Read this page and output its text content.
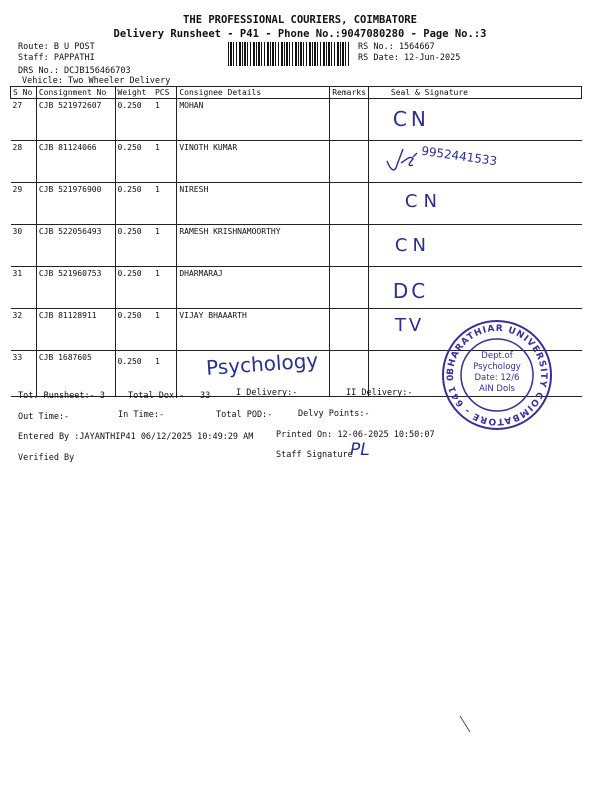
THE PROFESSIONAL COURIERS, COIMBATORE
Delivery Runsheet - P41 - Phone No.:9047080280 - Page No.:3
Route: B U POST
Staff: PAPPATHI
DRS No.: DCJB156466703
Vehicle: Two Wheeler Delivery
RS No.: 1564667
RS Date: 12-Jun-2025
S No	Consignment No	Weight	PCS	Consignee Details	Remarks	Seal & Signature
27	CJB 521972607	0.250	1	MOHAN		CN
28	CJB 81124066	0.250	1	VINOTH KUMAR		9952441533

29	CJB 521976900	0.250	1	NIRESH		CN
30	CJB 522056493	0.250	1	RAMESH KRISHNAMOORTHY		CN
31	CJB 521960753	0.250	1	DHARMARAJ		DC
32	CJB 81128911	0.250	1	VIJAY BHAAARTH		TV
33	CJB 1687605	0.250	1			Psychology	BHARATHIAR UNIVERSITY COIMBATORE - 641 0
Dept.of
Psychology
Date: 12/6
AIN Dols
Tot. Runsheet:- 3	Total Dox:- 33	I Delivery:-	II Delivery:-
Out Time:-	In Time:-	Total POD:-	Delvy Points:-
Entered By :JAYANTHIP41 06/12/2025 10:49:29 AM	Printed On: 12-06-2025 10:50:07
Verified By	Staff Signature
PL
